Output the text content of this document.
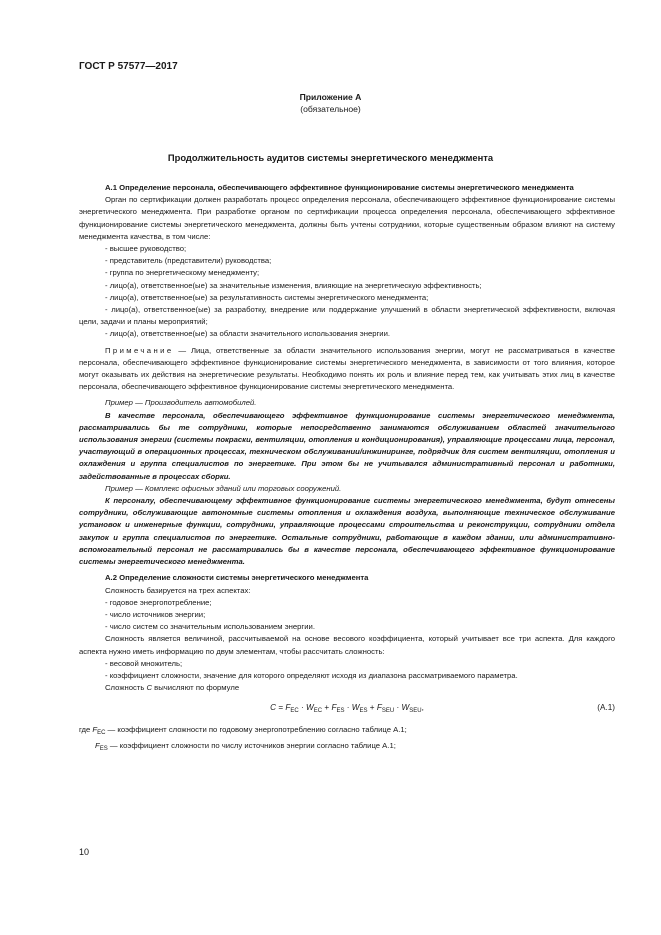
ГОСТ Р 57577—2017
Приложение А
(обязательное)
Продолжительность аудитов системы энергетического менеджмента

А.1 Определение персонала, обеспечивающего эффективное функционирование системы энергетического менеджмента

Орган по сертификации должен разработать процесс определения персонала, обеспечивающего эффективное функционирование системы энергетического менеджмента. При разработке органом по сертификации процесса определения персонала, обеспечивающего эффективное функционирование системы энергетического менеджмента, должны быть учтены сотрудники, которые существенным образом влияют на систему менеджмента качества, в том числе:

- высшее руководство;

- представитель (представители) руководства;

- группа по энергетическому менеджменту;

- лицо(а), ответственное(ые) за значительные изменения, влияющие на энергетическую эффективность;

- лицо(а), ответственное(ые) за результативность системы энергетического менеджмента;

- лицо(а), ответственное(ые) за разработку, внедрение или поддержание улучшений в области энергетической эффективности, включая цели, задачи и планы мероприятий;

- лицо(а), ответственное(ые) за области значительного использования энергии.

Примечание — Лица, ответственные за области значительного использования энергии, могут не рассматриваться в качестве персонала, обеспечивающего эффективное функционирование системы энергетического менеджмента, в зависимости от того влияния, которое могут оказывать их действия на энергетические результаты. Необходимо понять их роль и влияние перед тем, как учитывать этих лиц в качестве персонала, обеспечивающего эффективное функционирование системы энергетического менеджмента.

Пример — Производитель автомобилей.

В качестве персонала, обеспечивающего эффективное функционирование системы энергетического менеджмента, рассматривались бы те сотрудники, которые непосредственно занимаются обслуживанием областей значительного использования энергии (системы покраски, вентиляции, отопления и кондиционирования), управляющие процессами лица, персонал, участвующий в операционных процессах, техническом обслуживании/инжиниринге, подрядчик для систем вентиляции, отопления и охлаждения и группа специалистов по энергетике. При этом бы не учитывался административный персонал и работники, задействованные в процессах сборки.

Пример — Комплекс офисных зданий или торговых сооружений.

К персоналу, обеспечивающему эффективное функционирование системы энергетического менеджмента, будут отнесены сотрудники, обслуживающие автономные системы отопления и охлаждения воздуха, выполняющие техническое обслуживание установок и инженерные функции, сотрудники, управляющие процессами строительства и реконструкции, сотрудники отдела закупок и группа специалистов по энергетике. Остальные сотрудники, работающие в каждом здании, или административно-вспомогательный персонал не рассматривались бы в качестве персонала, обеспечивающего эффективное функционирование системы энергетического менеджмента.

А.2 Определение сложности системы энергетического менеджмента

Сложность базируется на трех аспектах:

- годовое энергопотребление;

- число источников энергии;

- число систем со значительным использованием энергии.

Сложность является величиной, рассчитываемой на основе весового коэффициента, который учитывает все три аспекта. Для каждого аспекта нужно иметь информацию по двум элементам, чтобы рассчитать сложность:

- весовой множитель;

- коэффициент сложности, значение для которого определяют исходя из диапазона рассматриваемого параметра.

Сложность C вычисляют по формуле

$C = F_{EC} \cdot W_{EC} + F_{ES} \cdot W_{ES} + F_{SEU} \cdot W_{SEU}$,	(А.1)

где $F_{EC}$ — коэффициент сложности по годовому энергопотреблению согласно таблице А.1;

$F_{ES}$ — коэффициент сложности по числу источников энергии согласно таблице А.1;

10
